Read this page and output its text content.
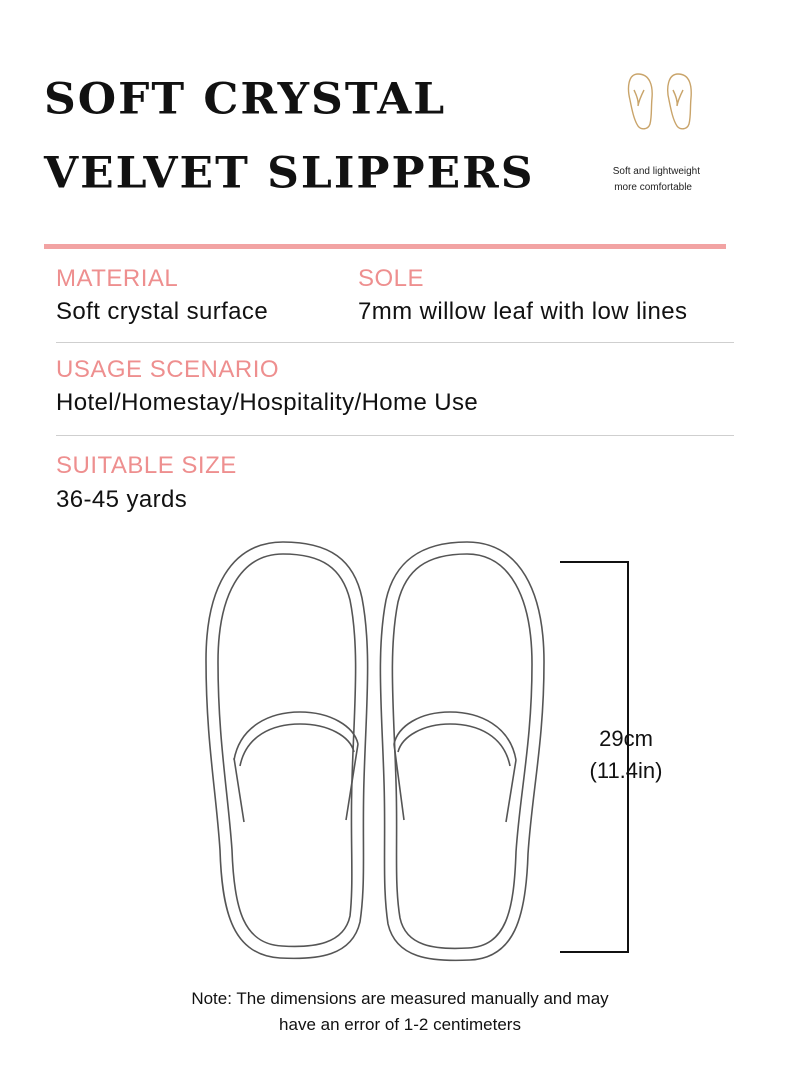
SOFT CRYSTAL
VELVET SLIPPERS	Soft and lightweight
more comfortable
MATERIAL
Soft crystal surface
SOLE
7mm willow leaf with low lines
USAGE SCENARIO
Hotel/Homestay/Hospitality/Home Use
SUITABLE SIZE
36-45 yards
29cm
(11.4in)
Note: The dimensions are measured manually and may
have an error of 1-2 centimeters
